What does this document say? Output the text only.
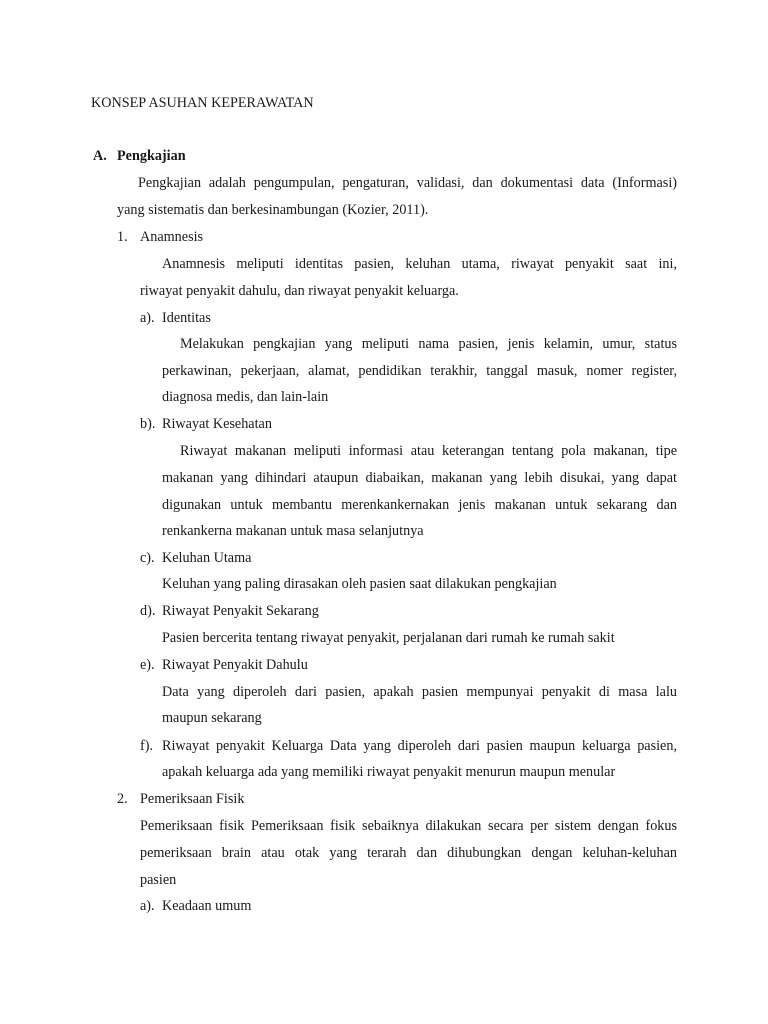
KONSEP ASUHAN KEPERAWATAN
A. Pengkajian
Pengkajian adalah pengumpulan, pengaturan, validasi, dan dokumentasi data (Informasi)
yang sistematis dan berkesinambungan (Kozier, 2011).
1. Anamnesis
Anamnesis meliputi identitas pasien, keluhan utama, riwayat penyakit saat ini,
riwayat penyakit dahulu, dan riwayat penyakit keluarga.
a). Identitas
Melakukan pengkajian yang meliputi nama pasien, jenis kelamin, umur, status
perkawinan, pekerjaan, alamat, pendidikan terakhir, tanggal masuk, nomer register,
diagnosa medis, dan lain-lain
b). Riwayat Kesehatan
Riwayat makanan meliputi informasi atau keterangan tentang pola makanan, tipe
makanan yang dihindari ataupun diabaikan, makanan yang lebih disukai, yang dapat
digunakan untuk membantu merenkankernakan jenis makanan untuk sekarang dan
renkankerna makanan untuk masa selanjutnya
c). Keluhan Utama
Keluhan yang paling dirasakan oleh pasien saat dilakukan pengkajian
d). Riwayat Penyakit Sekarang
Pasien bercerita tentang riwayat penyakit, perjalanan dari rumah ke rumah sakit
e). Riwayat Penyakit Dahulu
Data yang diperoleh dari pasien, apakah pasien mempunyai penyakit di masa lalu
maupun sekarang
f). Riwayat penyakit Keluarga Data yang diperoleh dari pasien maupun keluarga pasien,
apakah keluarga ada yang memiliki riwayat penyakit menurun maupun menular
2. Pemeriksaan Fisik
Pemeriksaan fisik Pemeriksaan fisik sebaiknya dilakukan secara per sistem dengan fokus
pemeriksaan brain atau otak yang terarah dan dihubungkan dengan keluhan-keluhan
pasien
a). Keadaan umum
